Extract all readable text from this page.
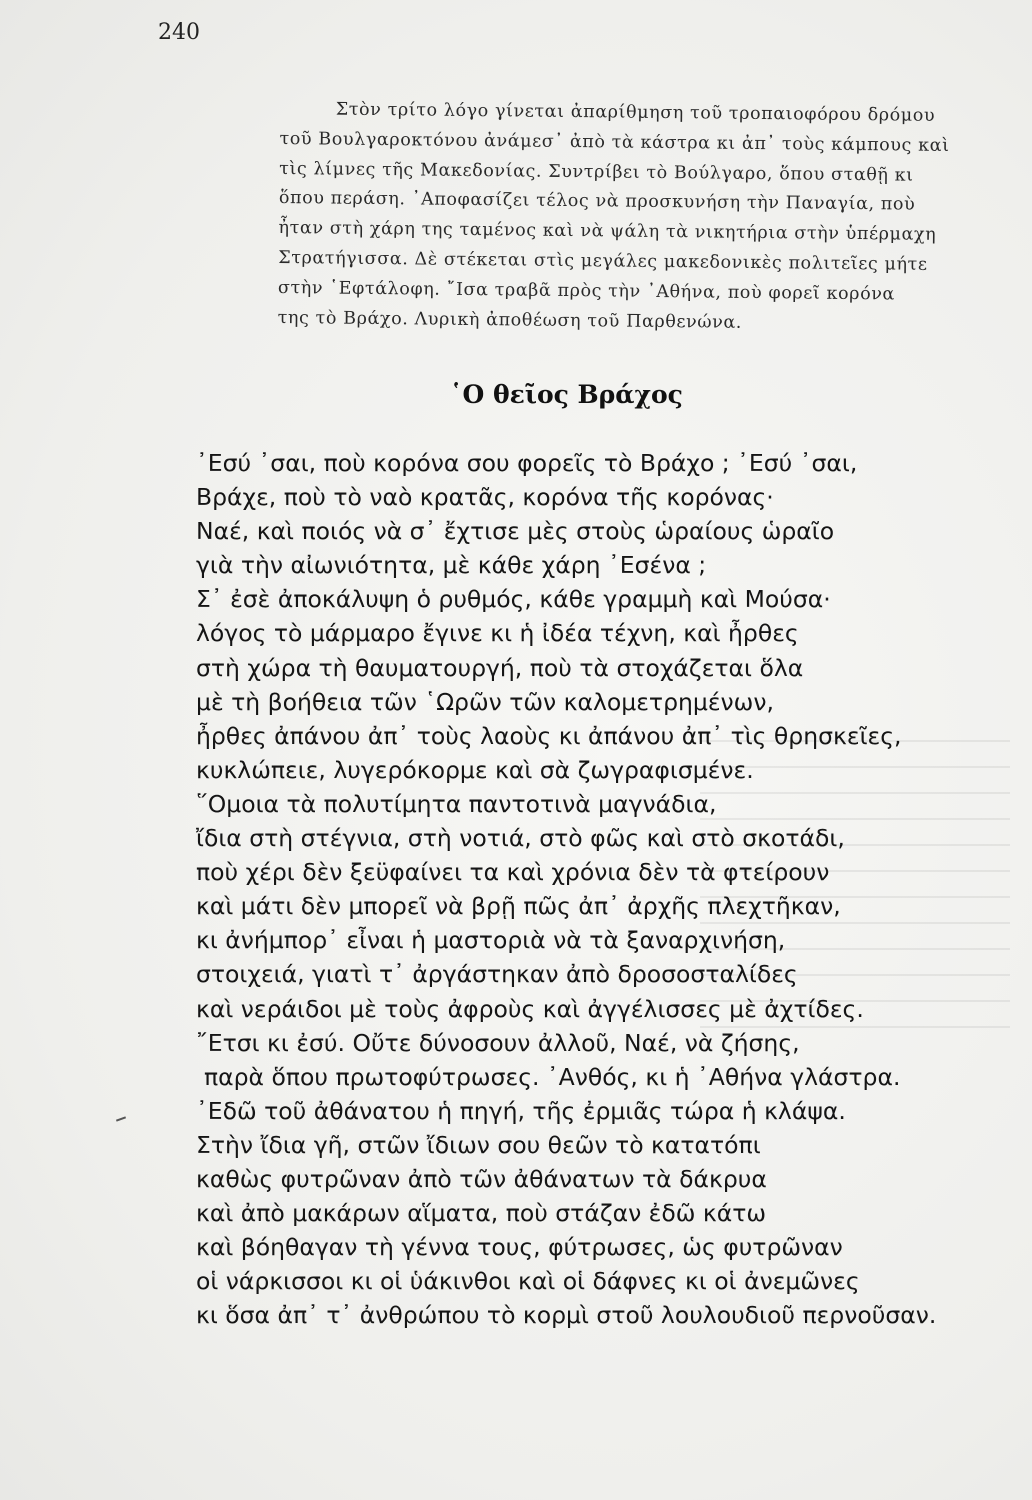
240
Στὸν τρίτο λόγο γίνεται ἀπαρίθμηση τοῦ τροπαιοφόρου δρόμου
τοῦ Βουλγαροκτόνου ἀνάμεσ᾽ ἀπὸ τὰ κάστρα κι ἀπ᾽ τοὺς κάμπους καὶ
τὶς λίμνες τῆς Μακεδονίας. Συντρίβει τὸ Βούλγαρο, ὅπου σταθῇ κι
ὅπου περάση. ᾽Αποφασίζει τέλος νὰ προσκυνήση τὴν Παναγία, ποὺ
ἦταν στὴ χάρη της ταμένος καὶ νὰ ψάλη τὰ νικητήρια στὴν ὑπέρμαχη
Στρατήγισσα. Δὲ στέκεται στὶς μεγάλες μακεδονικὲς πολιτεῖες μήτε
στὴν ῾Εφτάλοφη. ῎Ισα τραβᾶ πρὸς τὴν ᾽Αθήνα, ποὺ φορεῖ κορόνα
της τὸ Βράχο. Λυρικὴ ἀποθέωση τοῦ Παρθενώνα.
῾Ο θεῖος Βράχος
᾽Εσύ ᾽σαι, ποὺ κορόνα σου φορεῖς τὸ Βράχο ; ᾽Εσύ ᾽σαι,
Βράχε, ποὺ τὸ ναὸ κρατᾶς, κορόνα τῆς κορόνας·
Ναέ, καὶ ποιός νὰ σ᾽ ἔχτισε μὲς στοὺς ὡραίους ὡραῖο
γιὰ τὴν αἰωνιότητα, μὲ κάθε χάρη ᾽Εσένα ;
Σ᾽ ἐσὲ ἀποκάλυψη ὁ ρυθμός, κάθε γραμμὴ καὶ Μούσα·
λόγος τὸ μάρμαρο ἔγινε κι ἡ ἰδέα τέχνη, καὶ ἦρθες
στὴ χώρα τὴ θαυματουργή, ποὺ τὰ στοχάζεται ὅλα
μὲ τὴ βοήθεια τῶν ῾Ωρῶν τῶν καλομετρημένων,
ἦρθες ἀπάνου ἀπ᾽ τοὺς λαοὺς κι ἀπάνου ἀπ᾽ τὶς θρησκεῖες,
κυκλώπειε, λυγερόκορμε καὶ σὰ ζωγραφισμένε.
῞Ομοια τὰ πολυτίμητα παντοτινὰ μαγνάδια,
ἴδια στὴ στέγνια, στὴ νοτιά, στὸ φῶς καὶ στὸ σκοτάδι,
ποὺ χέρι δὲν ξεϋφαίνει τα καὶ χρόνια δὲν τὰ φτείρουν
καὶ μάτι δὲν μπορεῖ νὰ βρῇ πῶς ἀπ᾽ ἀρχῆς πλεχτῆκαν,
κι ἀνήμπορ᾽ εἶναι ἡ μαστοριὰ νὰ τὰ ξαναρχινήση,
στοιχειά, γιατὶ τ᾽ ἀργάστηκαν ἀπὸ δροσοσταλίδες
καὶ νεράιδοι μὲ τοὺς ἀφροὺς καὶ ἀγγέλισσες μὲ ἀχτίδες.
῎Ετσι κι ἐσύ. Οὔτε δύνοσουν ἀλλοῦ, Ναέ, νὰ ζήσης,
παρὰ ὅπου πρωτοφύτρωσες. ᾽Ανθός, κι ἡ ᾽Αθήνα γλάστρα.
᾽Εδῶ τοῦ ἀθάνατου ἡ πηγή, τῆς ἐρμιᾶς τώρα ἡ κλάψα.
Στὴν ἴδια γῆ, στῶν ἴδιων σου θεῶν τὸ κατατόπι
καθὼς φυτρῶναν ἀπὸ τῶν ἀθάνατων τὰ δάκρυα
καὶ ἀπὸ μακάρων αἵματα, ποὺ στάζαν ἐδῶ κάτω
καὶ βόηθαγαν τὴ γέννα τους, φύτρωσες, ὡς φυτρῶναν
οἱ νάρκισσοι κι οἱ ὑάκινθοι καὶ οἱ δάφνες κι οἱ ἀνεμῶνες
κι ὅσα ἀπ᾽ τ᾽ ἀνθρώπου τὸ κορμὶ στοῦ λουλουδιοῦ περνοῦσαν.
